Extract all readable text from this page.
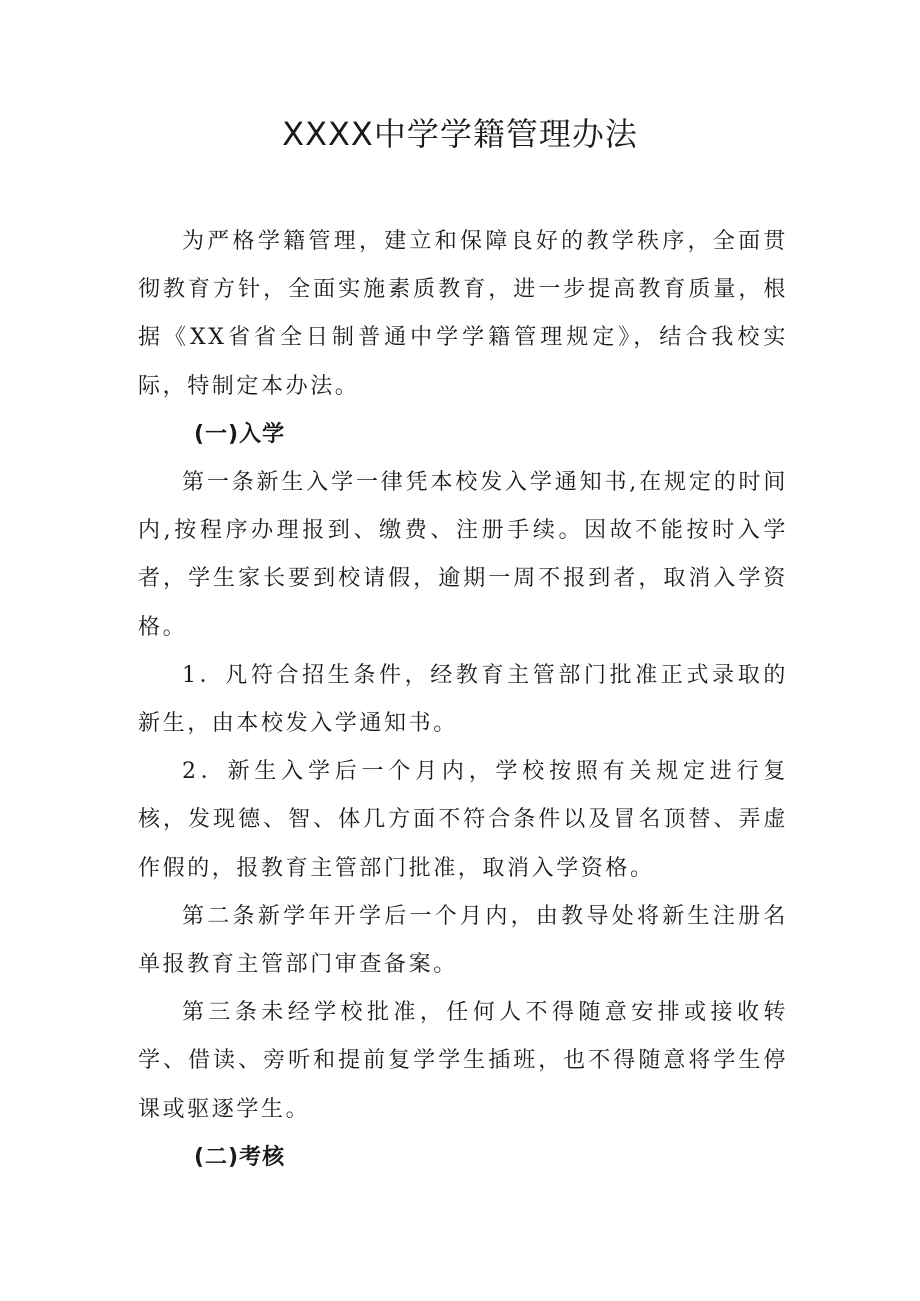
XXXX中学学籍管理办法

为严格学籍管理，建立和保障良好的教学秩序，全面贯彻教育方针，全面实施素质教育，进一步提高教育质量，根据《XX省省全日制普通中学学籍管理规定》，结合我校实际，特制定本办法。

(一)入学

第一条新生入学一律凭本校发入学通知书,在规定的时间内,按程序办理报到、缴费、注册手续。因故不能按时入学者，学生家长要到校请假，逾期一周不报到者，取消入学资格。

1．凡符合招生条件，经教育主管部门批准正式录取的新生，由本校发入学通知书。

2．新生入学后一个月内，学校按照有关规定进行复核，发现德、智、体几方面不符合条件以及冒名顶替、弄虚作假的，报教育主管部门批准，取消入学资格。

第二条新学年开学后一个月内，由教导处将新生注册名单报教育主管部门审查备案。

第三条未经学校批准，任何人不得随意安排或接收转学、借读、旁听和提前复学学生插班，也不得随意将学生停课或驱逐学生。

(二)考核
